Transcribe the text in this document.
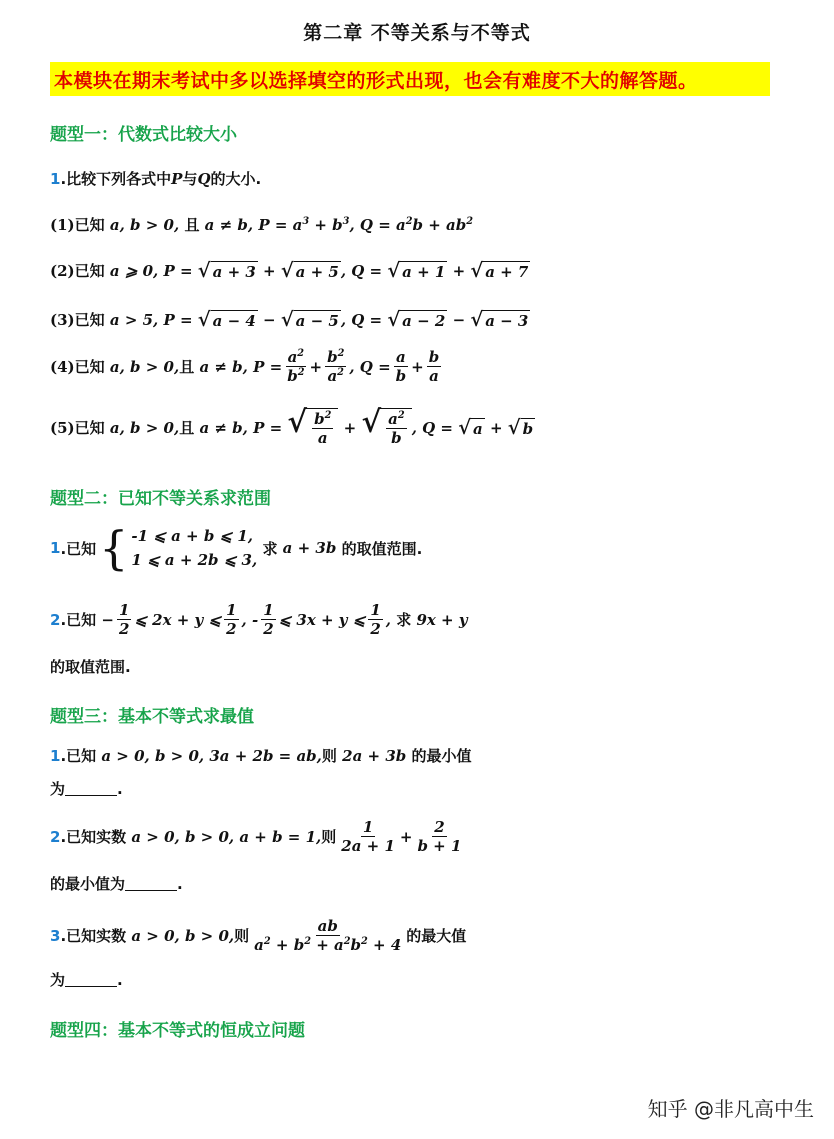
第二章 不等关系与不等式
本模块在期末考试中多以选择填空的形式出现，也会有难度不大的解答题。
题型一：代数式比较大小
1 .比较下列各式中 P 与 Q 的大小.
(1) 已知 a, b > 0, 且 a ≠ b, $P = a^3 + b^3$, $Q = a^2b + ab^2$
(2) 已知 a ⩾ 0, P = √ a + 3 + √ a + 5 , Q = √ a + 1 + √ a + 7
(3) 已知 a > 5, P = √ a − 4 − √ a − 5 , Q = √ a − 2 − √ a − 3
(4) 已知 a, b > 0, 且 a ≠ b, $P = \frac{a^2}{b^2} + \frac{b^2}{a^2}$ , $Q = \frac{a}{b} + \frac{b}{a}$
(5) 已知 a, b > 0, 且 a ≠ b, P = √ $\frac{b^2}{a}$ + √ $\frac{a^2}{b}$ , Q = √ a + √ b
题型二：已知不等关系求范围
1 .已知 { -1 ⩽ a + b ⩽ 1,
1 ⩽ a + 2b ⩽ 3,

求 a + 3b 的取值范围.
2 .已知 − $\frac{1}{2}$ ⩽ 2x + y ⩽ $\frac{1}{2}$ , - $\frac{1}{2}$ ⩽ 3x + y ⩽ $\frac{1}{2}$ , 求 9x + y
的取值范围.
题型三：基本不等式求最值
1 .已知 a > 0, b > 0, 3a + 2b = ab, 则 2a + 3b 的最小值
为	.
2 .已知实数 a > 0, b > 0, a + b = 1, 则 $\frac{1}{2a + 1} + \frac{2}{b + 1}$
的最小值为	.
3 .已知实数 a > 0, b > 0, 则 $\frac{ab}{a^2 + b^2 + a^2b^2 + 4}$ 的最大值
为	.
题型四：基本不等式的恒成立问题
知乎 @非凡高中生
